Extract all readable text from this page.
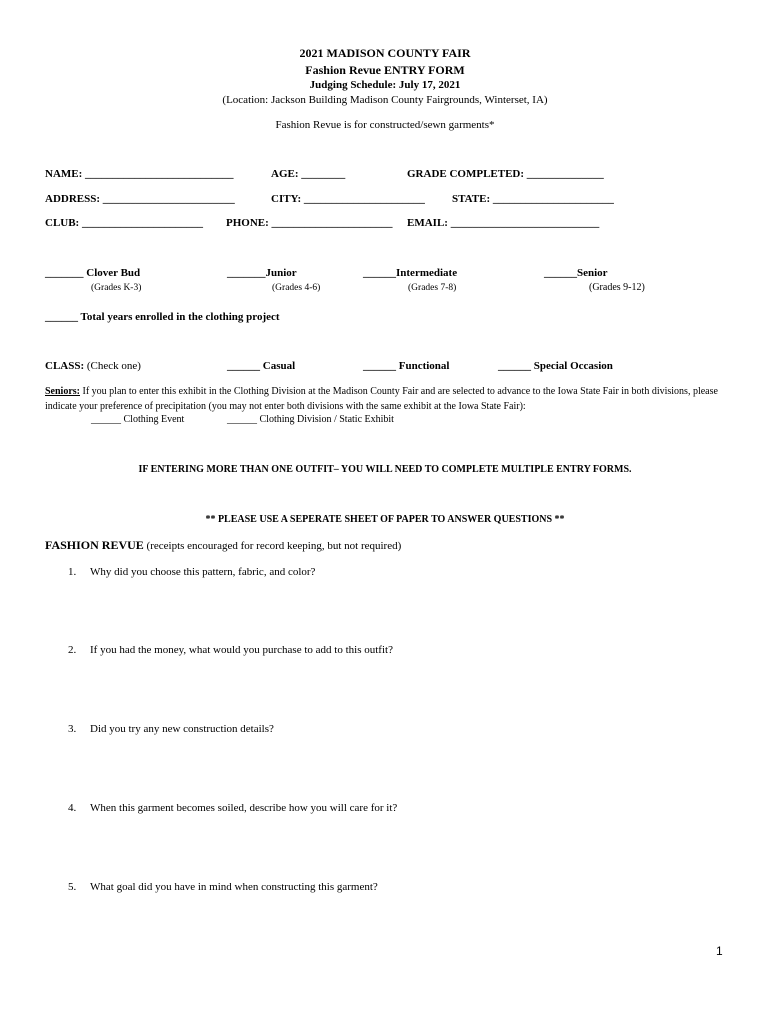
2021 MADISON COUNTY FAIR
Fashion Revue ENTRY FORM
Judging Schedule: July 17, 2021
(Location: Jackson Building Madison County Fairgrounds, Winterset, IA)
Fashion Revue is for constructed/sewn garments*
NAME: ___________________________	AGE: ________	GRADE COMPLETED: ______________
ADDRESS: ________________________	CITY: ______________________ STATE: ______________________
CLUB: ______________________ PHONE: ______________________ EMAIL: ___________________________
_______ Clover Bud
(Grades K-3)
_______Junior
(Grades 4-6)
______Intermediate
(Grades 7-8)
______Senior
(Grades 9-12)
______ Total years enrolled in the clothing project
CLASS: (Check one)	______ Casual	______ Functional	______ Special Occasion
Seniors: If you plan to enter this exhibit in the Clothing Division at the Madison County Fair and are selected to advance to the Iowa State Fair in both divisions, please indicate your preference of precipitation (you may not enter both divisions with the same exhibit at the Iowa State Fair):
______ Clothing Event	______ Clothing Division / Static Exhibit
IF ENTERING MORE THAN ONE OUTFIT– YOU WILL NEED TO COMPLETE MULTIPLE ENTRY FORMS.
** PLEASE USE A SEPERATE SHEET OF PAPER TO ANSWER QUESTIONS **
FASHION REVUE (receipts encouraged for record keeping, but not required)
1. Why did you choose this pattern, fabric, and color?
2. If you had the money, what would you purchase to add to this outfit?
3. Did you try any new construction details?
4. When this garment becomes soiled, describe how you will care for it?
5. What goal did you have in mind when constructing this garment?
1
